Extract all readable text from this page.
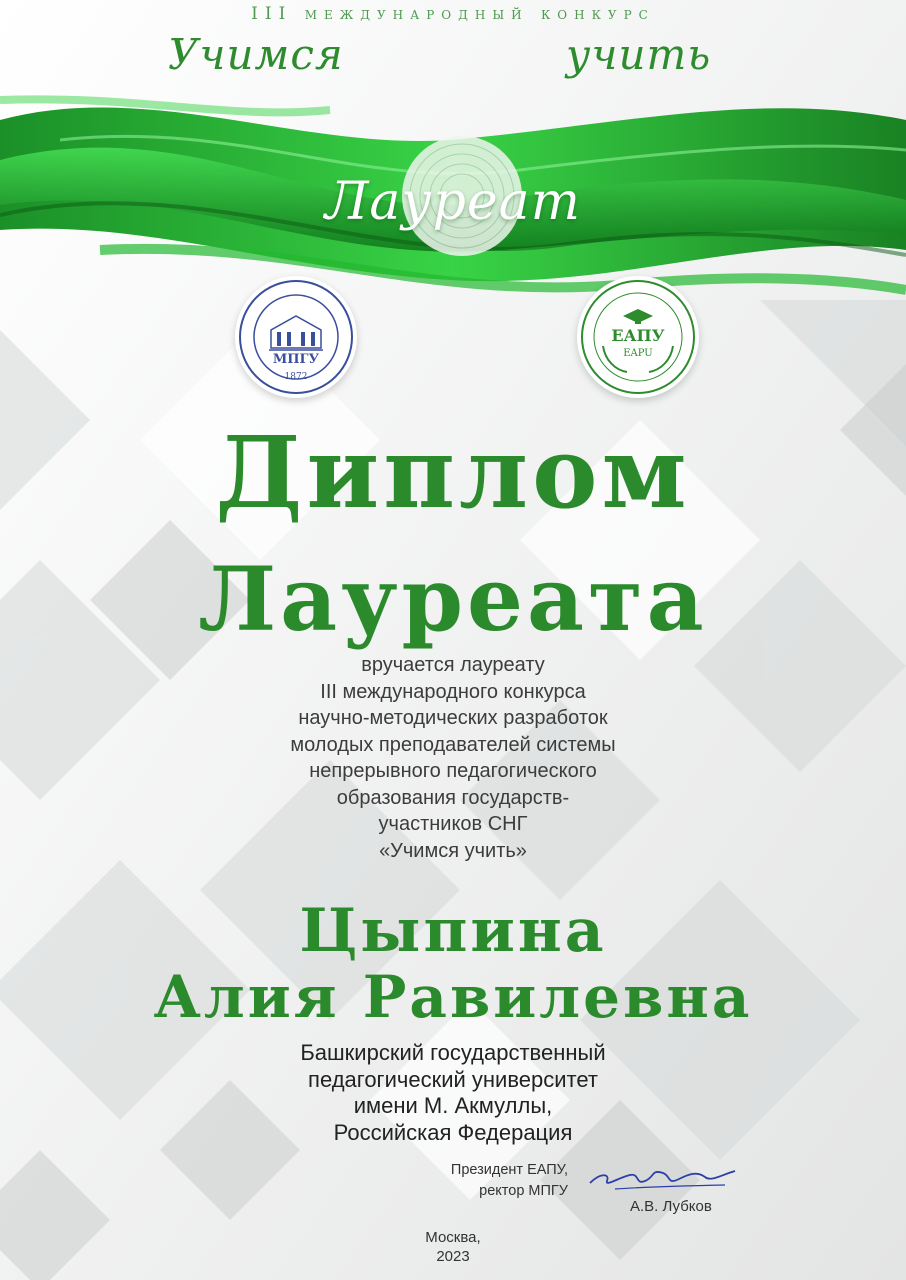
III международный конкурс
Учимся	учить
Лауреат
МПГУ
1872
ЕАПУ
EAPU
Диплом
Лауреата
вручается лауреату
III международного конкурса
научно-методических разработок
молодых преподавателей системы
непрерывного педагогического
образования государств-
участников СНГ
«Учимся учить»
Цыпина
Алия Равилевна
Башкирский государственный
педагогический университет
имени М. Акмуллы,
Российская Федерация
Президент ЕАПУ,
ректор МПГУ
А.В. Лубков
Москва,
2023
